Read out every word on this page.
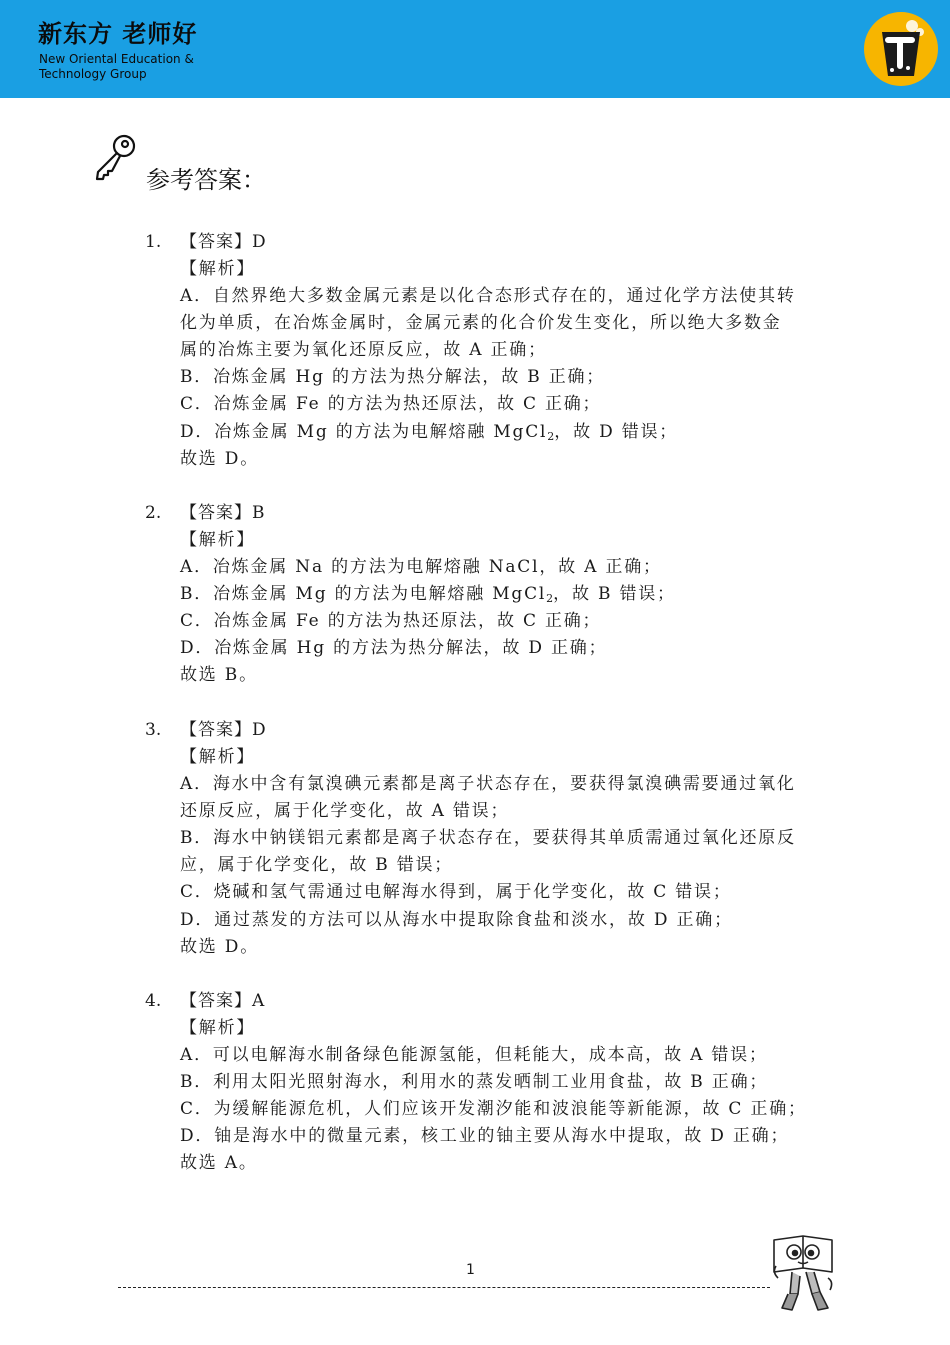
新东方 老师好
New Oriental Education &
Technology Group
参考答案：
1. 【答案】D
【解析】
A．自然界绝大多数金属元素是以化合态形式存在的，通过化学方法使其转
化为单质，在冶炼金属时，金属元素的化合价发生变化，所以绝大多数金
属的冶炼主要为氧化还原反应，故 A 正确；
B．冶炼金属 Hg 的方法为热分解法，故 B 正确；
C．冶炼金属 Fe 的方法为热还原法，故 C 正确；
D．冶炼金属 Mg 的方法为电解熔融 MgCl$_2$，故 D 错误；
故选 D。
2. 【答案】B
【解析】
A．冶炼金属 Na 的方法为电解熔融 NaCl，故 A 正确；
B．冶炼金属 Mg 的方法为电解熔融 MgCl$_2$，故 B 错误；
C．冶炼金属 Fe 的方法为热还原法，故 C 正确；
D．冶炼金属 Hg 的方法为热分解法，故 D 正确；
故选 B。
3. 【答案】D
【解析】
A．海水中含有氯溴碘元素都是离子状态存在，要获得氯溴碘需要通过氧化
还原反应，属于化学变化，故 A 错误；
B．海水中钠镁铝元素都是离子状态存在，要获得其单质需通过氧化还原反
应，属于化学变化，故 B 错误；
C．烧碱和氢气需通过电解海水得到，属于化学变化，故 C 错误；
D．通过蒸发的方法可以从海水中提取除食盐和淡水，故 D 正确；
故选 D。
4. 【答案】A
【解析】
A．可以电解海水制备绿色能源氢能，但耗能大，成本高，故 A 错误；
B．利用太阳光照射海水，利用水的蒸发晒制工业用食盐，故 B 正确；
C．为缓解能源危机，人们应该开发潮汐能和波浪能等新能源，故 C 正确；
D．铀是海水中的微量元素，核工业的铀主要从海水中提取，故 D 正确；
故选 A。
1
